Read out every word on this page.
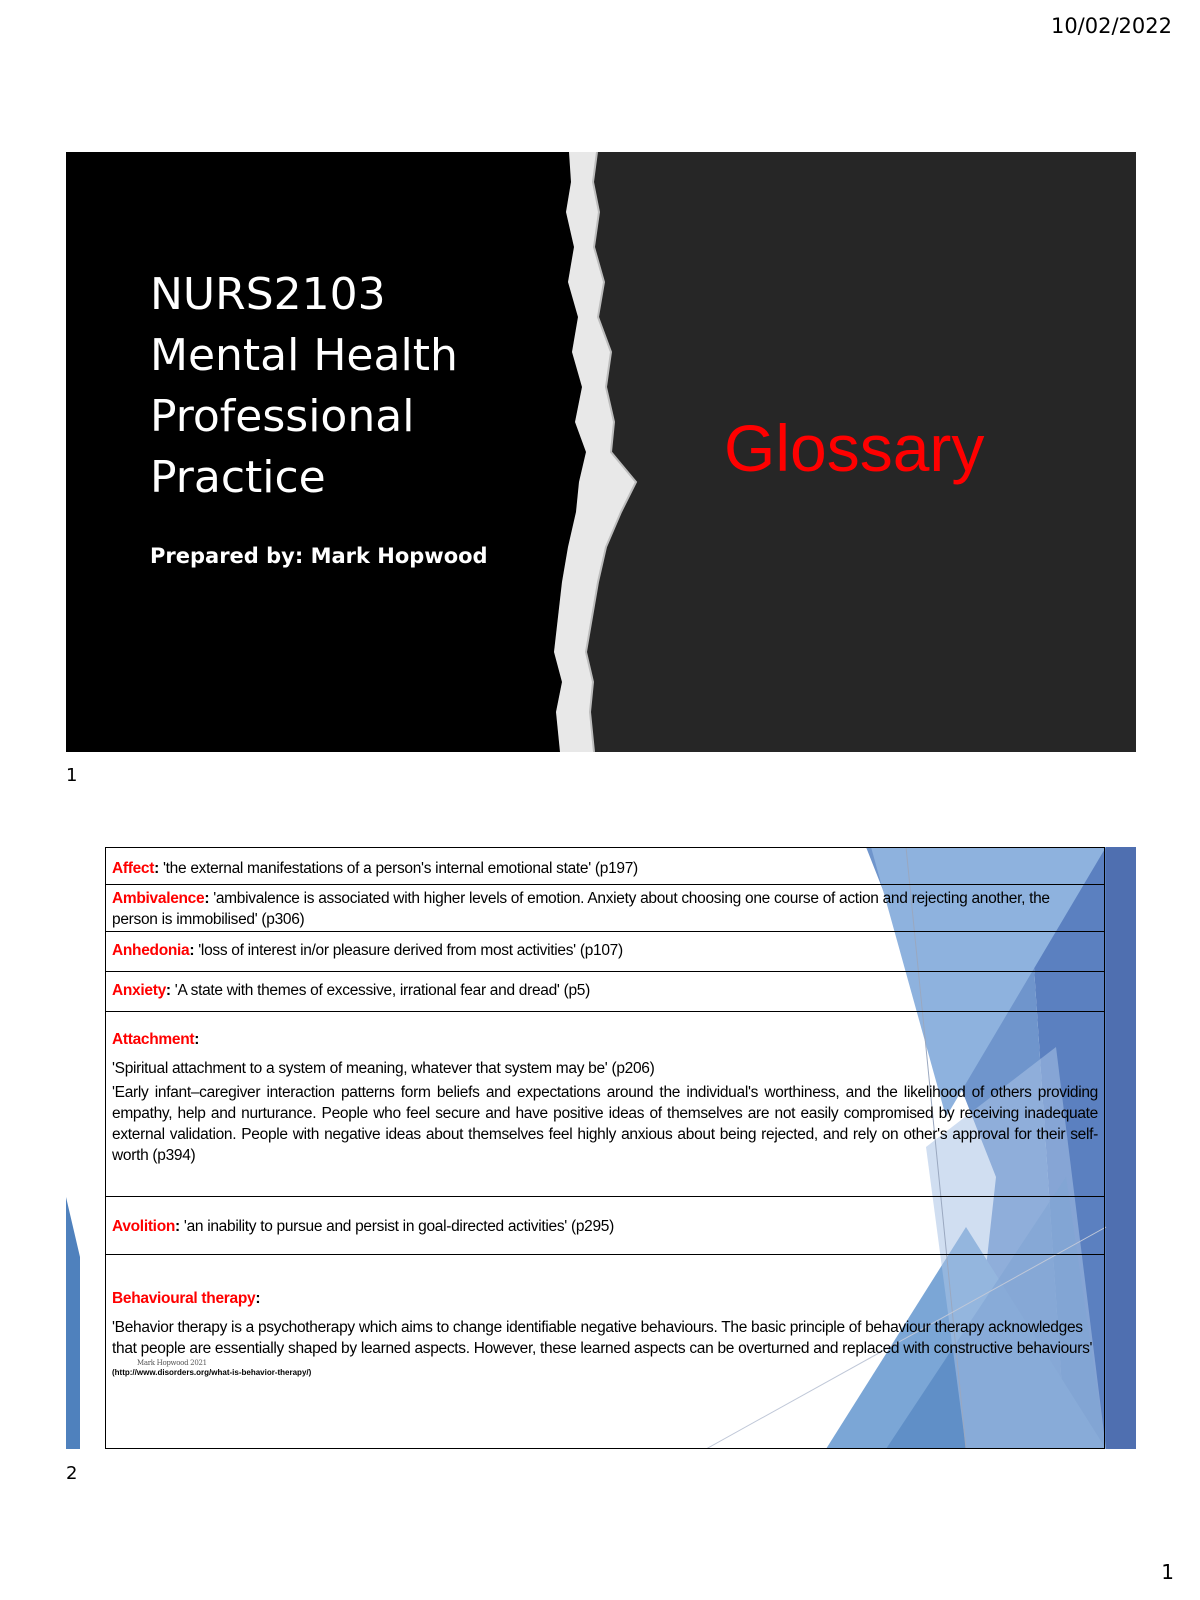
10/02/2022
NURS2103
Mental Health
Professional
Practice
Prepared by: Mark Hopwood
Glossary
1
Affect: 'the external manifestations of a person's internal emotional state' (p197)
Ambivalence: 'ambivalence is associated with higher levels of emotion. Anxiety about choosing one course of action and rejecting another, the person is immobilised' (p306)
Anhedonia: 'loss of interest in/or pleasure derived from most activities' (p107)
Anxiety: 'A state with themes of excessive, irrational fear and dread' (p5)

Attachment:

'Spiritual attachment to a system of meaning, whatever that system may be' (p206)

'Early infant–caregiver interaction patterns form beliefs and expectations around the individual's worthiness, and the likelihood of others providing empathy, help and nurturance. People who feel secure and have positive ideas of themselves are not easily compromised by receiving inadequate external validation. People with negative ideas about themselves feel highly anxious about being rejected, and rely on other's approval for their self-worth (p394)

Avolition: 'an inability to pursue and persist in goal-directed activities' (p295)

Behavioural therapy:

'Behavior therapy is a psychotherapy which aims to change identifiable negative behaviours. The basic principle of behaviour therapy acknowledges that people are essentially shaped by learned aspects. However, these learned aspects can be overturned and replaced with constructive behaviours'

Mark Hopwood 2021
(http://www.disorders.org/what-is-behavior-therapy/)
2
1
